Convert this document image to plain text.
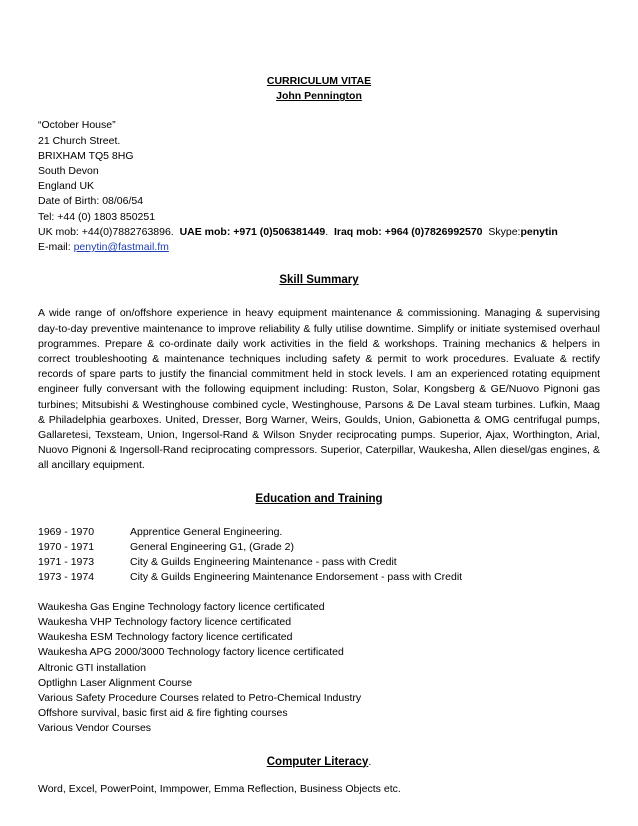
CURRICULUM VITAE
John Pennington
“October House”
21 Church Street.
BRIXHAM TQ5 8HG
South Devon
England UK
Date of Birth: 08/06/54
Tel: +44 (0) 1803 850251
UK mob: +44(0)7882763896. UAE mob: +971 (0)506381449.  Iraq mob: +964 (0)7826992570 Skype:penytin
E-mail: penytin@fastmail.fm
Skill Summary
A wide range of on/offshore experience in heavy equipment maintenance & commissioning. Managing & supervising day-to-day preventive maintenance to improve reliability & fully utilise downtime. Simplify or initiate systemised overhaul programmes. Prepare & co-ordinate daily work activities in the field & workshops. Training mechanics & helpers in correct troubleshooting & maintenance techniques including safety & permit to work procedures. Evaluate & rectify records of spare parts to justify the financial commitment held in stock levels. I am an experienced rotating equipment engineer fully conversant with the following equipment including: Ruston, Solar, Kongsberg & GE/Nuovo Pignoni gas turbines; Mitsubishi & Westinghouse combined cycle, Westinghouse, Parsons & De Laval steam turbines. Lufkin, Maag & Philadelphia gearboxes. United, Dresser, Borg Warner, Weirs, Goulds, Union, Gabionetta & OMG centrifugal pumps, Gallaretesi, Texsteam, Union, Ingersol-Rand & Wilson Snyder reciprocating pumps. Superior, Ajax, Worthington, Arial, Nuovo Pignoni & Ingersoll-Rand reciprocating compressors. Superior, Caterpillar, Waukesha, Allen diesel/gas engines, & all ancillary equipment.
Education and Training
1969 - 1970	Apprentice General Engineering.
1970 - 1971	General Engineering G1, (Grade 2)
1971 - 1973	City & Guilds Engineering Maintenance - pass with Credit
1973 - 1974	City & Guilds Engineering Maintenance Endorsement - pass with Credit
Waukesha Gas Engine Technology factory licence certificated
Waukesha VHP Technology factory licence certificated
Waukesha ESM Technology factory licence certificated
Waukesha APG 2000/3000 Technology factory licence certificated
Altronic GTI installation
Optlighn Laser Alignment Course
Various Safety Procedure Courses related to Petro-Chemical Industry
Offshore survival, basic first aid & fire fighting courses
Various Vendor Courses
Computer Literacy.
Word, Excel, PowerPoint, Immpower, Emma Reflection, Business Objects etc.
